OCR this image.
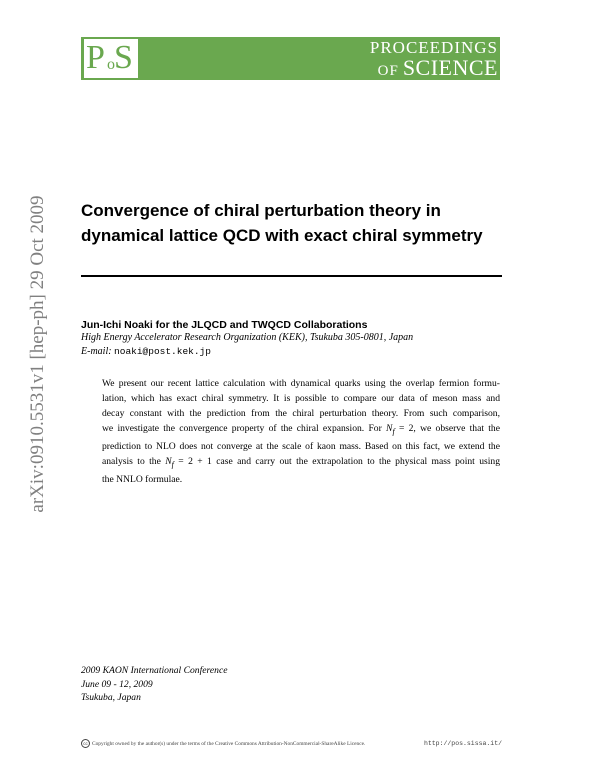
P o S	PROCEEDINGS
OF SCIENCE
arXiv:0910.5531v1 [hep-ph] 29 Oct 2009 Convergence of chiral perturbation theory in
dynamical lattice QCD with exact chiral symmetry
Jun-Ichi Noaki for the JLQCD and TWQCD Collaborations
High Energy Accelerator Research Organization (KEK), Tsukuba 305-0801, Japan
E-mail: noaki@post.kek.jp
We present our recent lattice calculation with dynamical quarks using the overlap fermion formu-
lation, which has exact chiral symmetry. It is possible to compare our data of meson mass and
decay constant with the prediction from the chiral perturbation theory. From such comparison,
we investigate the convergence property of the chiral expansion. For $N_f = 2$, we observe that the
prediction to NLO does not converge at the scale of kaon mass. Based on this fact, we extend the
analysis to the $N_f = 2 + 1$ case and carry out the extrapolation to the physical mass point using
the NNLO formulae.
2009 KAON International Conference
June 09 - 12, 2009
Tsukuba, Japan
cc Copyright owned by the author(s) under the terms of the Creative Commons Attribution-NonCommercial-ShareAlike Licence.	http://pos.sissa.it/
